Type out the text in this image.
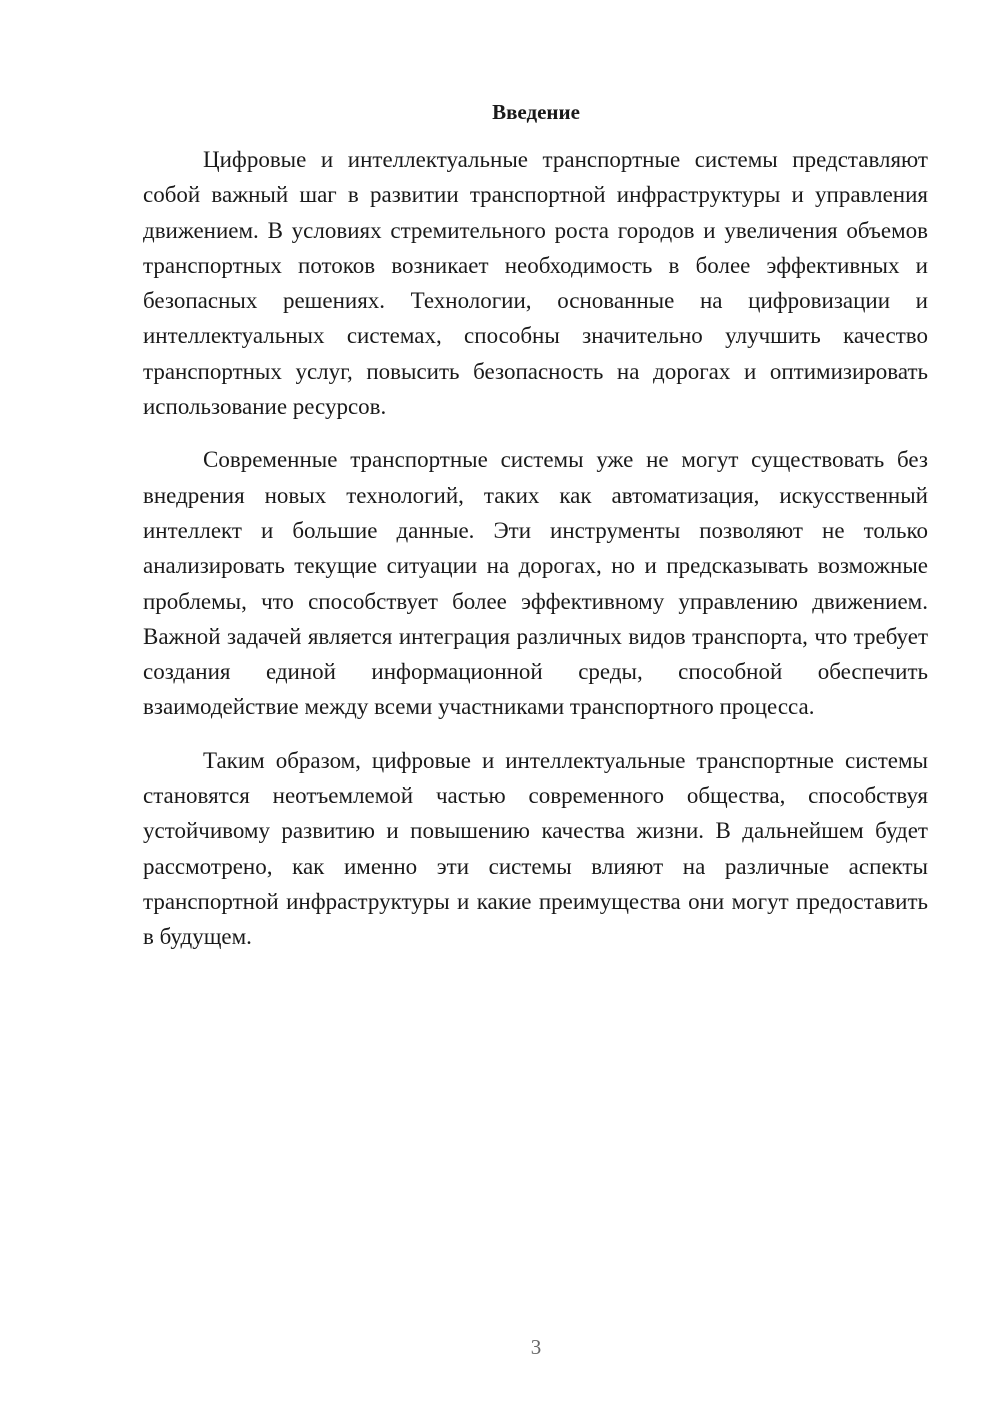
Введение

Цифровые и интеллектуальные транспортные системы представляют собой важный шаг в развитии транспортной инфраструктуры и управления движением. В условиях стремительного роста городов и увеличения объемов транспортных потоков возникает необходимость в более эффективных и безопасных решениях. Технологии, основанные на цифровизации и интеллектуальных системах, способны значительно улучшить качество транспортных услуг, повысить безопасность на дорогах и оптимизировать использование ресурсов.

Современные транспортные системы уже не могут существовать без внедрения новых технологий, таких как автоматизация, искусственный интеллект и большие данные. Эти инструменты позволяют не только анализировать текущие ситуации на дорогах, но и предсказывать возможные проблемы, что способствует более эффективному управлению движением. Важной задачей является интеграция различных видов транспорта, что требует создания единой информационной среды, способной обеспечить взаимодействие между всеми участниками транспортного процесса.

Таким образом, цифровые и интеллектуальные транспортные системы становятся неотъемлемой частью современного общества, способствуя устойчивому развитию и повышению качества жизни. В дальнейшем будет рассмотрено, как именно эти системы влияют на различные аспекты транспортной инфраструктуры и какие преимущества они могут предоставить в будущем.

3
